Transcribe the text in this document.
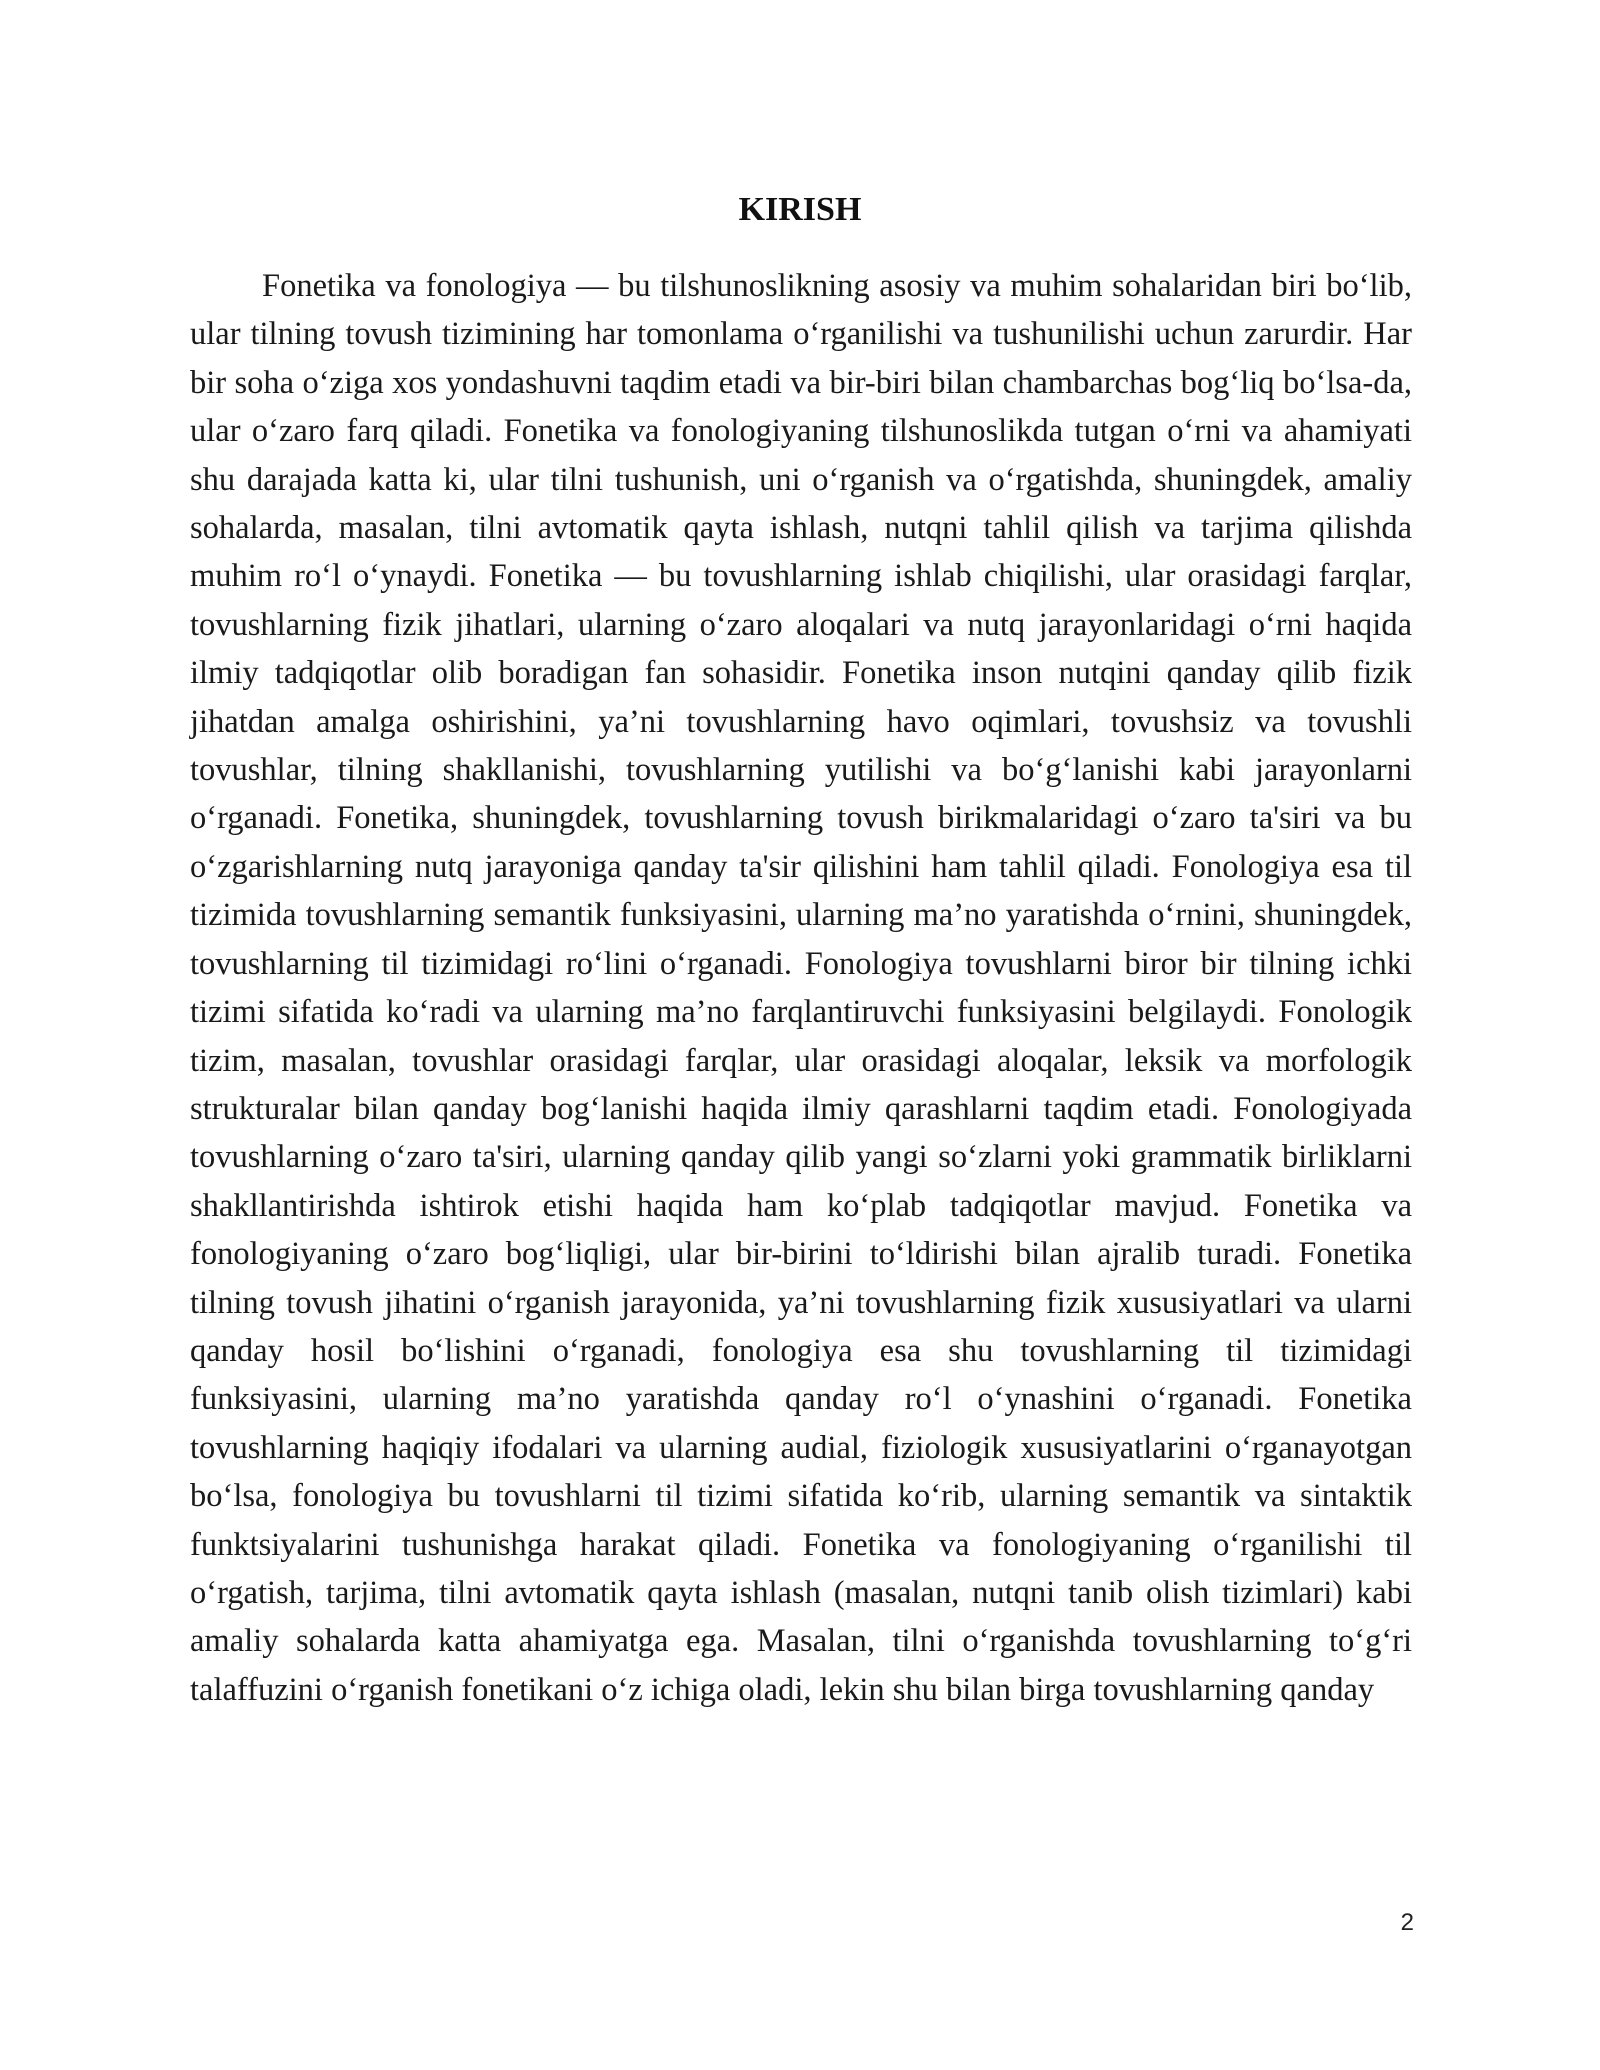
KIRISH

Fonetika va fonologiya — bu tilshunoslikning asosiy va muhim sohalaridan biri bo‘lib, ular tilning tovush tizimining har tomonlama o‘rganilishi va tushunilishi uchun zarurdir. Har bir soha o‘ziga xos yondashuvni taqdim etadi va bir-biri bilan chambarchas bog‘liq bo‘lsa-da, ular o‘zaro farq qiladi. Fonetika va fonologiyaning tilshunoslikda tutgan o‘rni va ahamiyati shu darajada katta ki, ular tilni tushunish, uni o‘rganish va o‘rgatishda, shuningdek, amaliy sohalarda, masalan, tilni avtomatik qayta ishlash, nutqni tahlil qilish va tarjima qilishda muhim ro‘l o‘ynaydi. Fonetika — bu tovushlarning ishlab chiqilishi, ular orasidagi farqlar, tovushlarning fizik jihatlari, ularning o‘zaro aloqalari va nutq jarayonlaridagi o‘rni haqida ilmiy tadqiqotlar olib boradigan fan sohasidir. Fonetika inson nutqini qanday qilib fizik jihatdan amalga oshirishini, ya’ni tovushlarning havo oqimlari, tovushsiz va tovushli tovushlar, tilning shakllanishi, tovushlarning yutilishi va bo‘g‘lanishi kabi jarayonlarni o‘rganadi. Fonetika, shuningdek, tovushlarning tovush birikmalaridagi o‘zaro ta'siri va bu o‘zgarishlarning nutq jarayoniga qanday ta'sir qilishini ham tahlil qiladi. Fonologiya esa til tizimida tovushlarning semantik funksiyasini, ularning ma’no yaratishda o‘rnini, shuningdek, tovushlarning til tizimidagi ro‘lini o‘rganadi. Fonologiya tovushlarni biror bir tilning ichki tizimi sifatida ko‘radi va ularning ma’no farqlantiruvchi funksiyasini belgilaydi. Fonologik tizim, masalan, tovushlar orasidagi farqlar, ular orasidagi aloqalar, leksik va morfologik strukturalar bilan qanday bog‘lanishi haqida ilmiy qarashlarni taqdim etadi. Fonologiyada tovushlarning o‘zaro ta'siri, ularning qanday qilib yangi so‘zlarni yoki grammatik birliklarni shakllantirishda ishtirok etishi haqida ham ko‘plab tadqiqotlar mavjud. Fonetika va fonologiyaning o‘zaro bog‘liqligi, ular bir-birini to‘ldirishi bilan ajralib turadi. Fonetika tilning tovush jihatini o‘rganish jarayonida, ya’ni tovushlarning fizik xususiyatlari va ularni qanday hosil bo‘lishini o‘rganadi, fonologiya esa shu tovushlarning til tizimidagi funksiyasini, ularning ma’no yaratishda qanday ro‘l o‘ynashini o‘rganadi. Fonetika tovushlarning haqiqiy ifodalari va ularning audial, fiziologik xususiyatlarini o‘rganayotgan bo‘lsa, fonologiya bu tovushlarni til tizimi sifatida ko‘rib, ularning semantik va sintaktik funktsiyalarini tushunishga harakat qiladi. Fonetika va fonologiyaning o‘rganilishi til o‘rgatish, tarjima, tilni avtomatik qayta ishlash (masalan, nutqni tanib olish tizimlari) kabi amaliy sohalarda katta ahamiyatga ega. Masalan, tilni o‘rganishda tovushlarning to‘g‘ri talaffuzini o‘rganish fonetikani o‘z ichiga oladi, lekin shu bilan birga tovushlarning qanday

2
